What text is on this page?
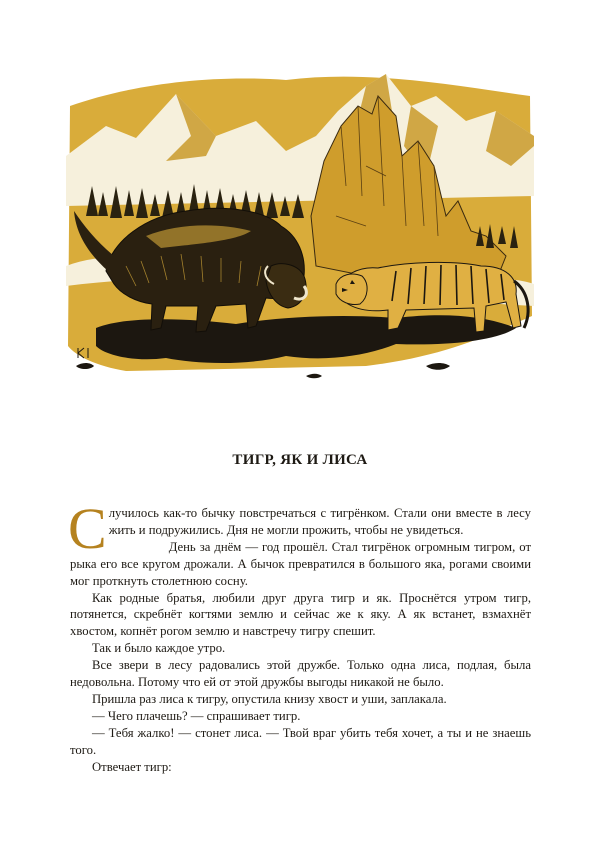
ТИГР, ЯК И ЛИСА

Случилось как-то бычку повстречаться с тигрёнком. Стали они вместе в лесу жить и подружились. Дня не могли прожить, чтобы не увидеться.

День за днём — год прошёл. Стал тигрёнок огромным тигром, от рыка его все кругом дрожали. А бычок превратился в большого яка, рогами своими мог проткнуть столетнюю сосну.

Как родные братья, любили друг друга тигр и як. Проснётся утром тигр, потянется, скребнёт когтями землю и сейчас же к яку. А як встанет, взмахнёт хвостом, копнёт рогом землю и навстречу тигру спешит.

Так и было каждое утро.

Все звери в лесу радовались этой дружбе. Только одна лиса, подлая, была недовольна. Потому что ей от этой дружбы выгоды никакой не было.

Пришла раз лиса к тигру, опустила книзу хвост и уши, заплакала.

— Чего плачешь? — спрашивает тигр.

— Тебя жалко! — стонет лиса. — Твой враг убить тебя хочет, а ты и не знаешь того.

Отвечает тигр:
